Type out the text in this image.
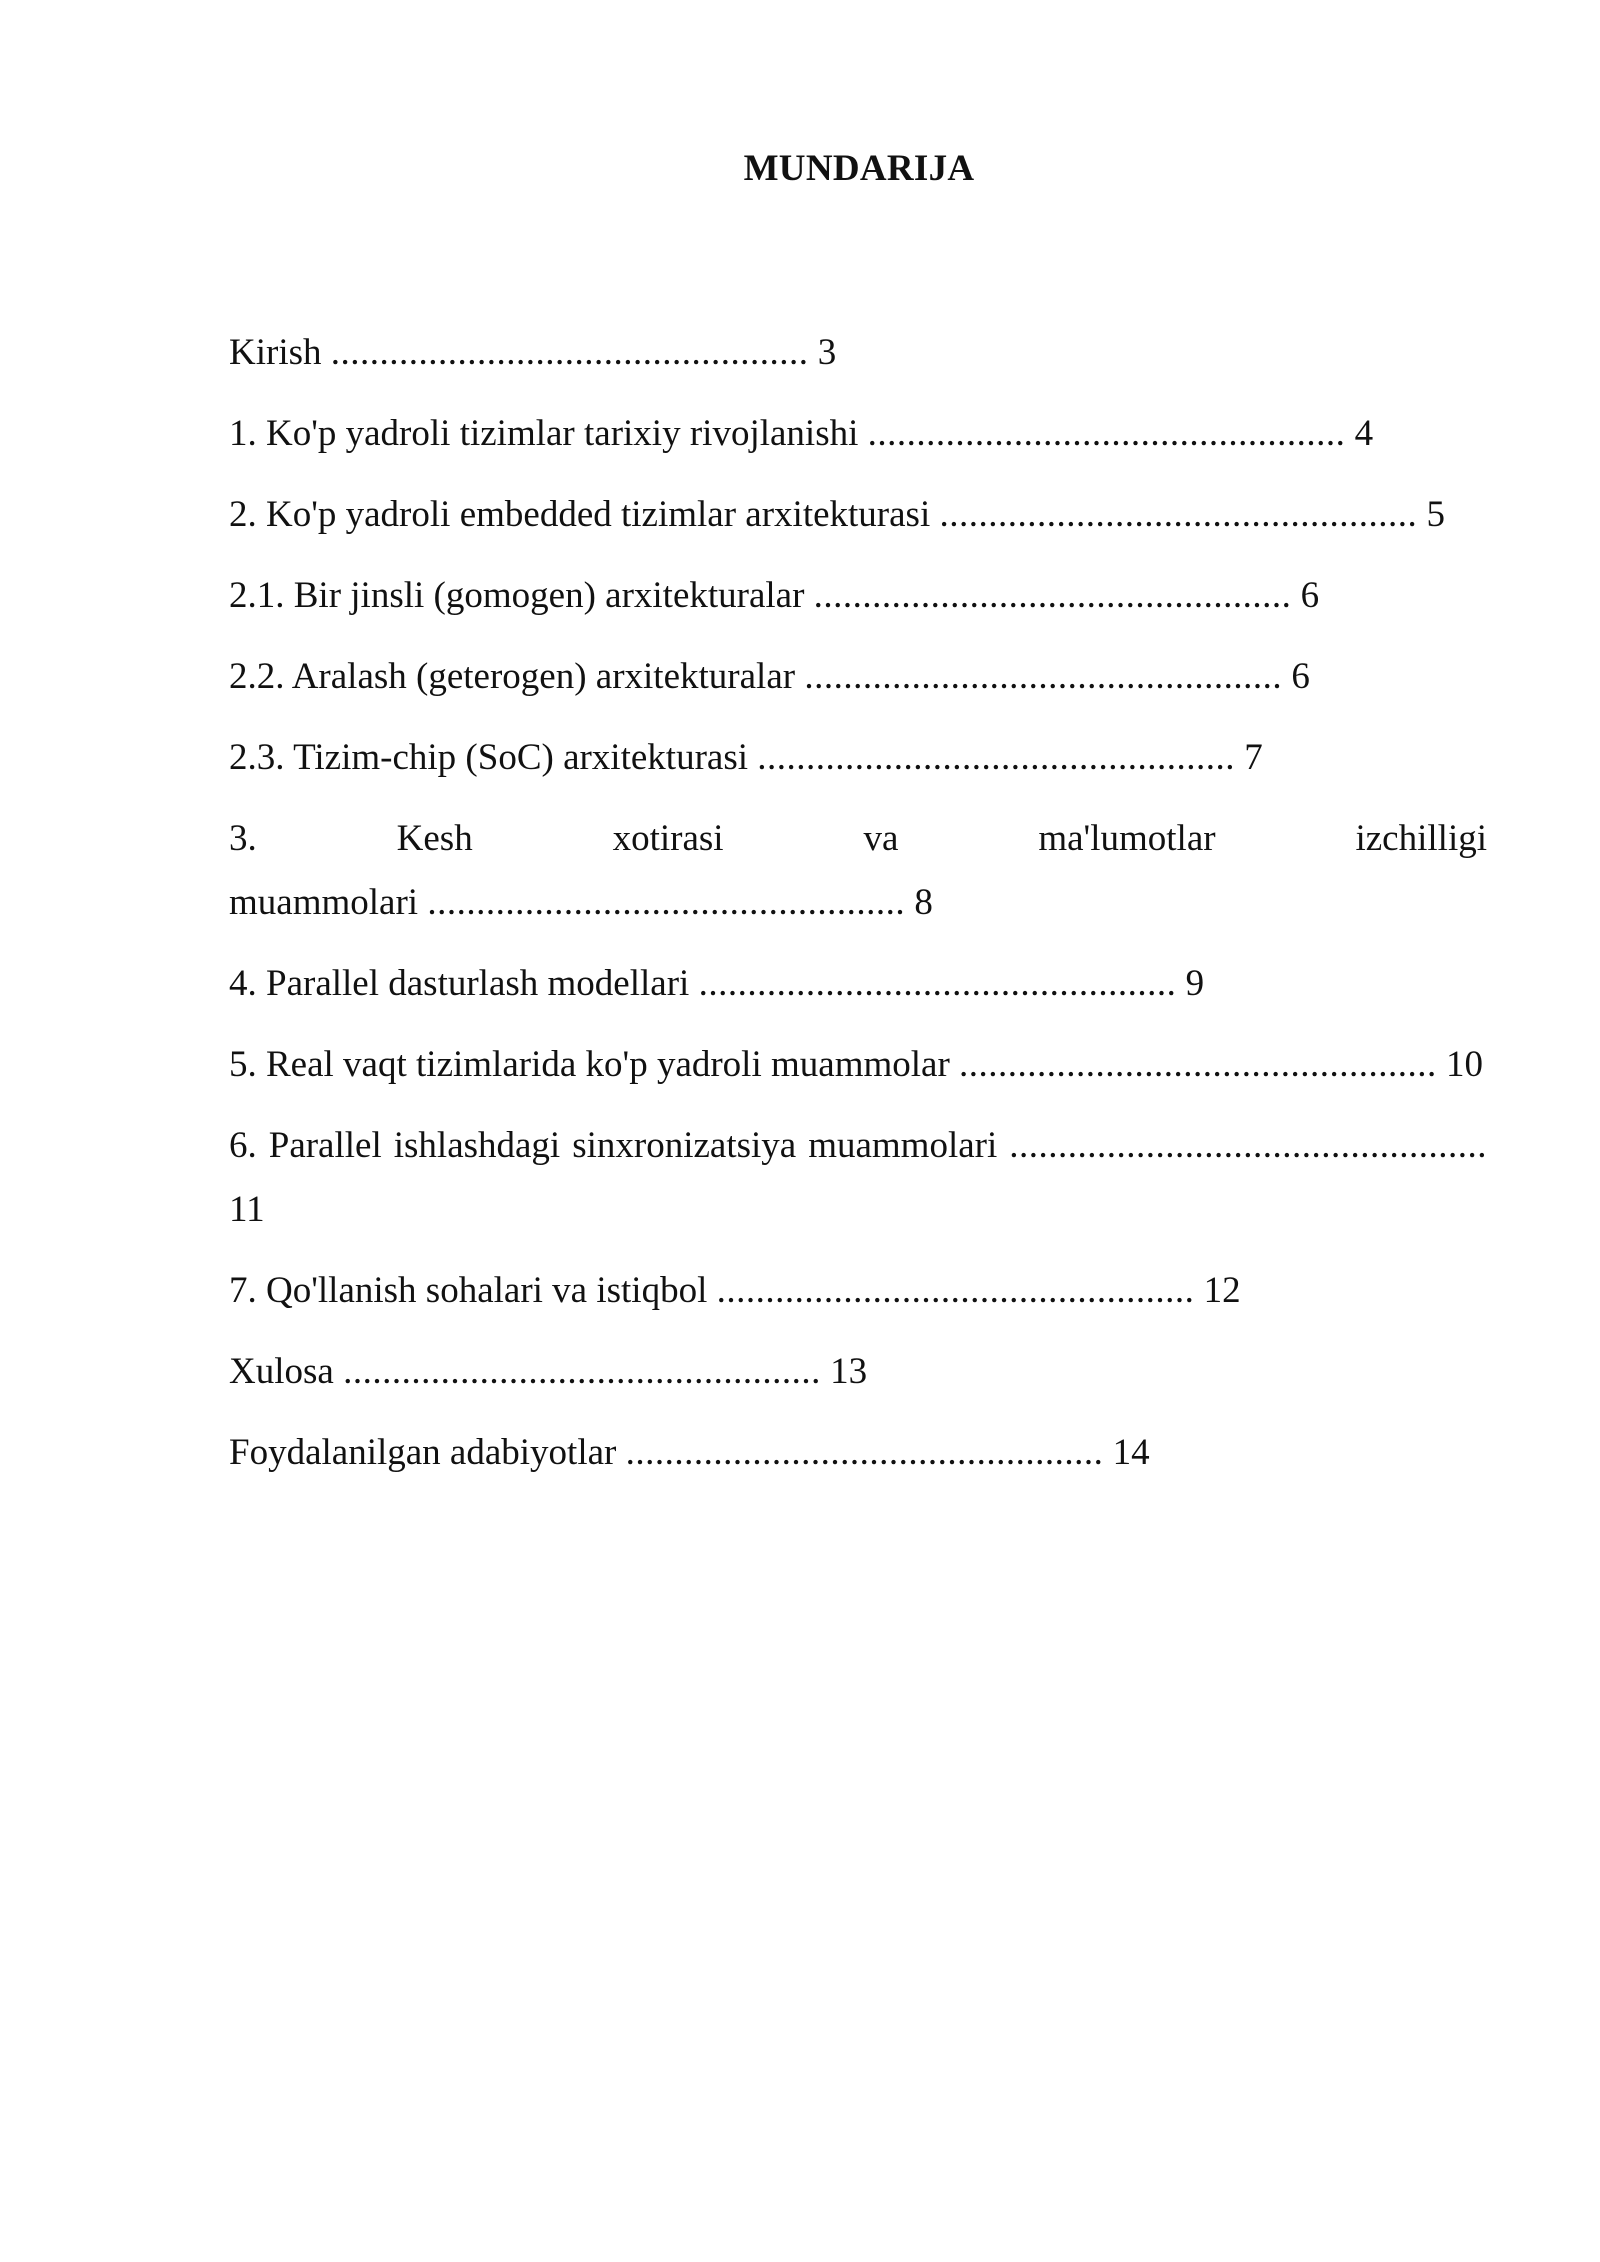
MUNDARIJA
Kirish ................................................. 3
1. Ko'p yadroli tizimlar tarixiy rivojlanishi ................................................. 4
2. Ko'p yadroli embedded tizimlar arxitekturasi ................................................. 5
2.1. Bir jinsli (gomogen) arxitekturalar ................................................. 6
2.2. Aralash (geterogen) arxitekturalar ................................................. 6
2.3. Tizim-chip (SoC) arxitekturasi ................................................. 7
3. Kesh xotirasi va ma'lumotlar izchilligi
muammolari ................................................. 8
4. Parallel dasturlash modellari ................................................. 9
5. Real vaqt tizimlarida ko'p yadroli muammolar ................................................. 10
6. Parallel ishlashdagi sinxronizatsiya muammolari ................................................. 11
7. Qo'llanish sohalari va istiqbol ................................................. 12
Xulosa ................................................. 13
Foydalanilgan adabiyotlar ................................................. 14
